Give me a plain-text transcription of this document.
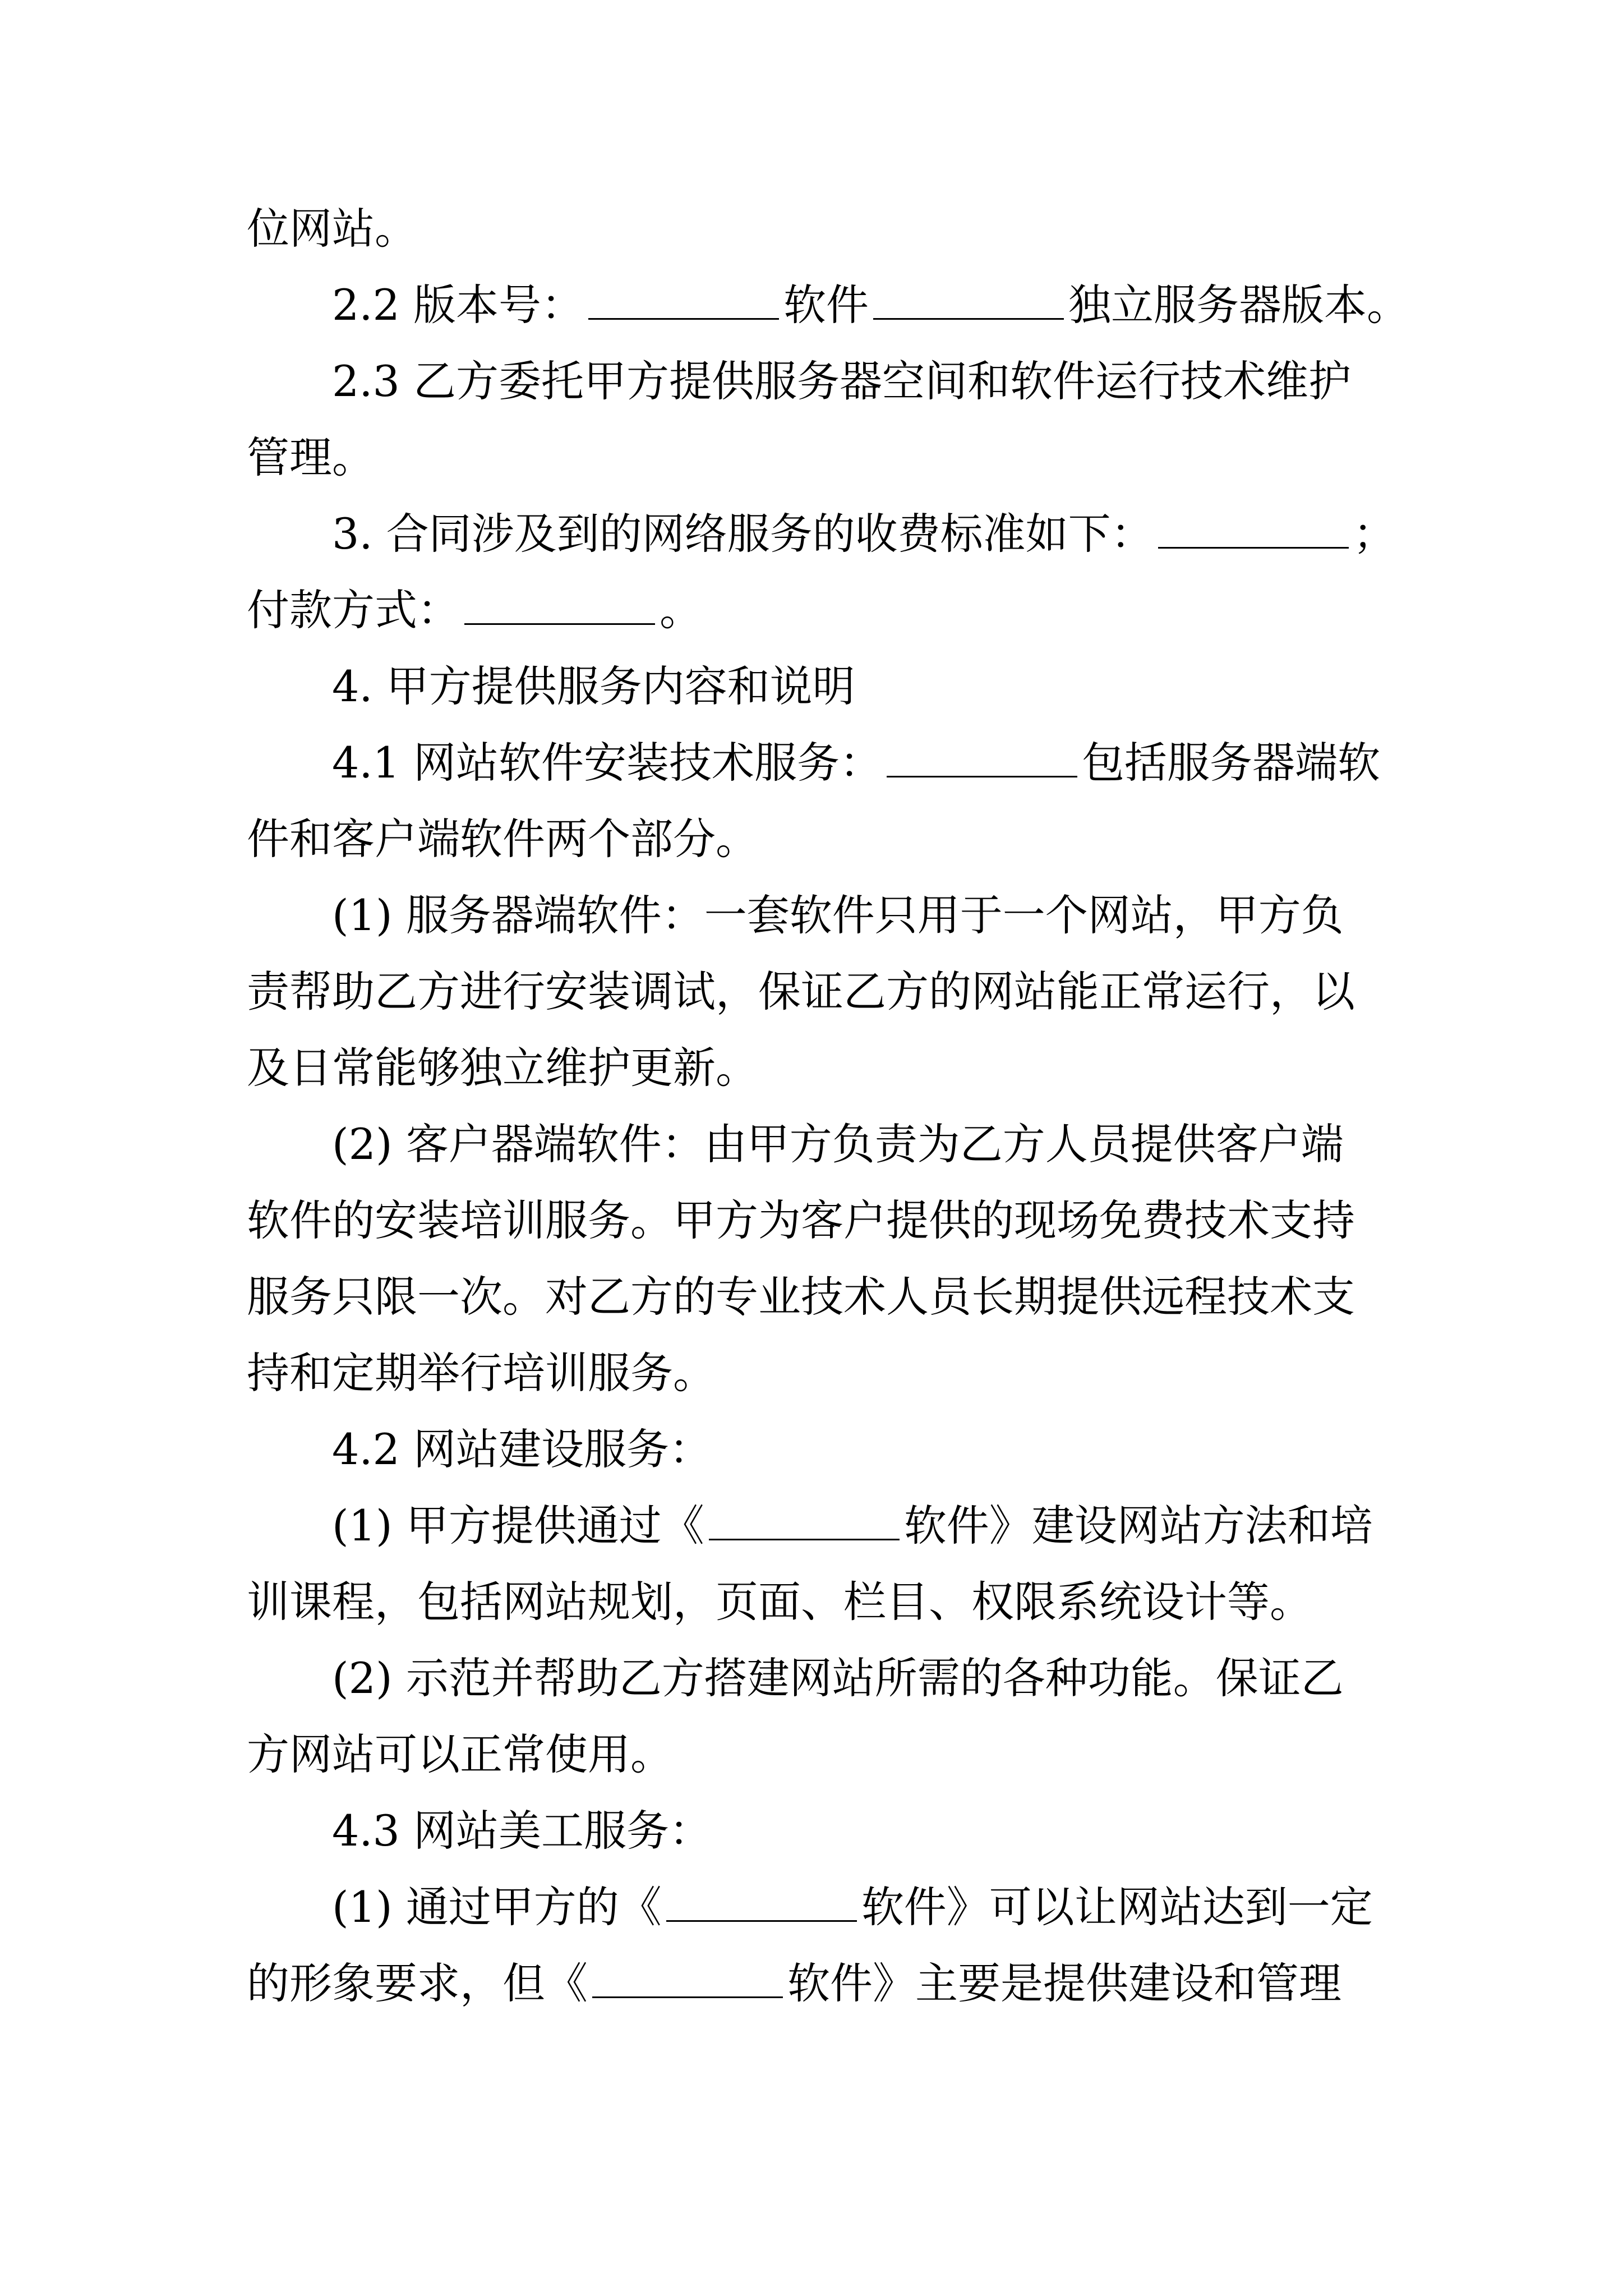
位网站。
2.2 版本号：	软件	独立服务器版本。
2.3 乙方委托甲方提供服务器空间和软件运行技术维护
管理。
3. 合同涉及到的网络服务的收费标准如下：	；
付款方式：	。
4. 甲方提供服务内容和说明
4.1 网站软件安装技术服务：	包括服务器端软
件和客户端软件两个部分。
(1) 服务器端软件：一套软件只用于一个网站，甲方负
责帮助乙方进行安装调试，保证乙方的网站能正常运行，以
及日常能够独立维护更新。
(2) 客户器端软件：由甲方负责为乙方人员提供客户端
软件的安装培训服务。甲方为客户提供的现场免费技术支持
服务只限一次。对乙方的专业技术人员长期提供远程技术支
持和定期举行培训服务。
4.2 网站建设服务：
(1) 甲方提供通过《	软件》建设网站方法和培
训课程，包括网站规划，页面、栏目、权限系统设计等。
(2) 示范并帮助乙方搭建网站所需的各种功能。保证乙
方网站可以正常使用。
4.3 网站美工服务：
(1) 通过甲方的《	软件》可以让网站达到一定
的形象要求，但《	软件》主要是提供建设和管理
